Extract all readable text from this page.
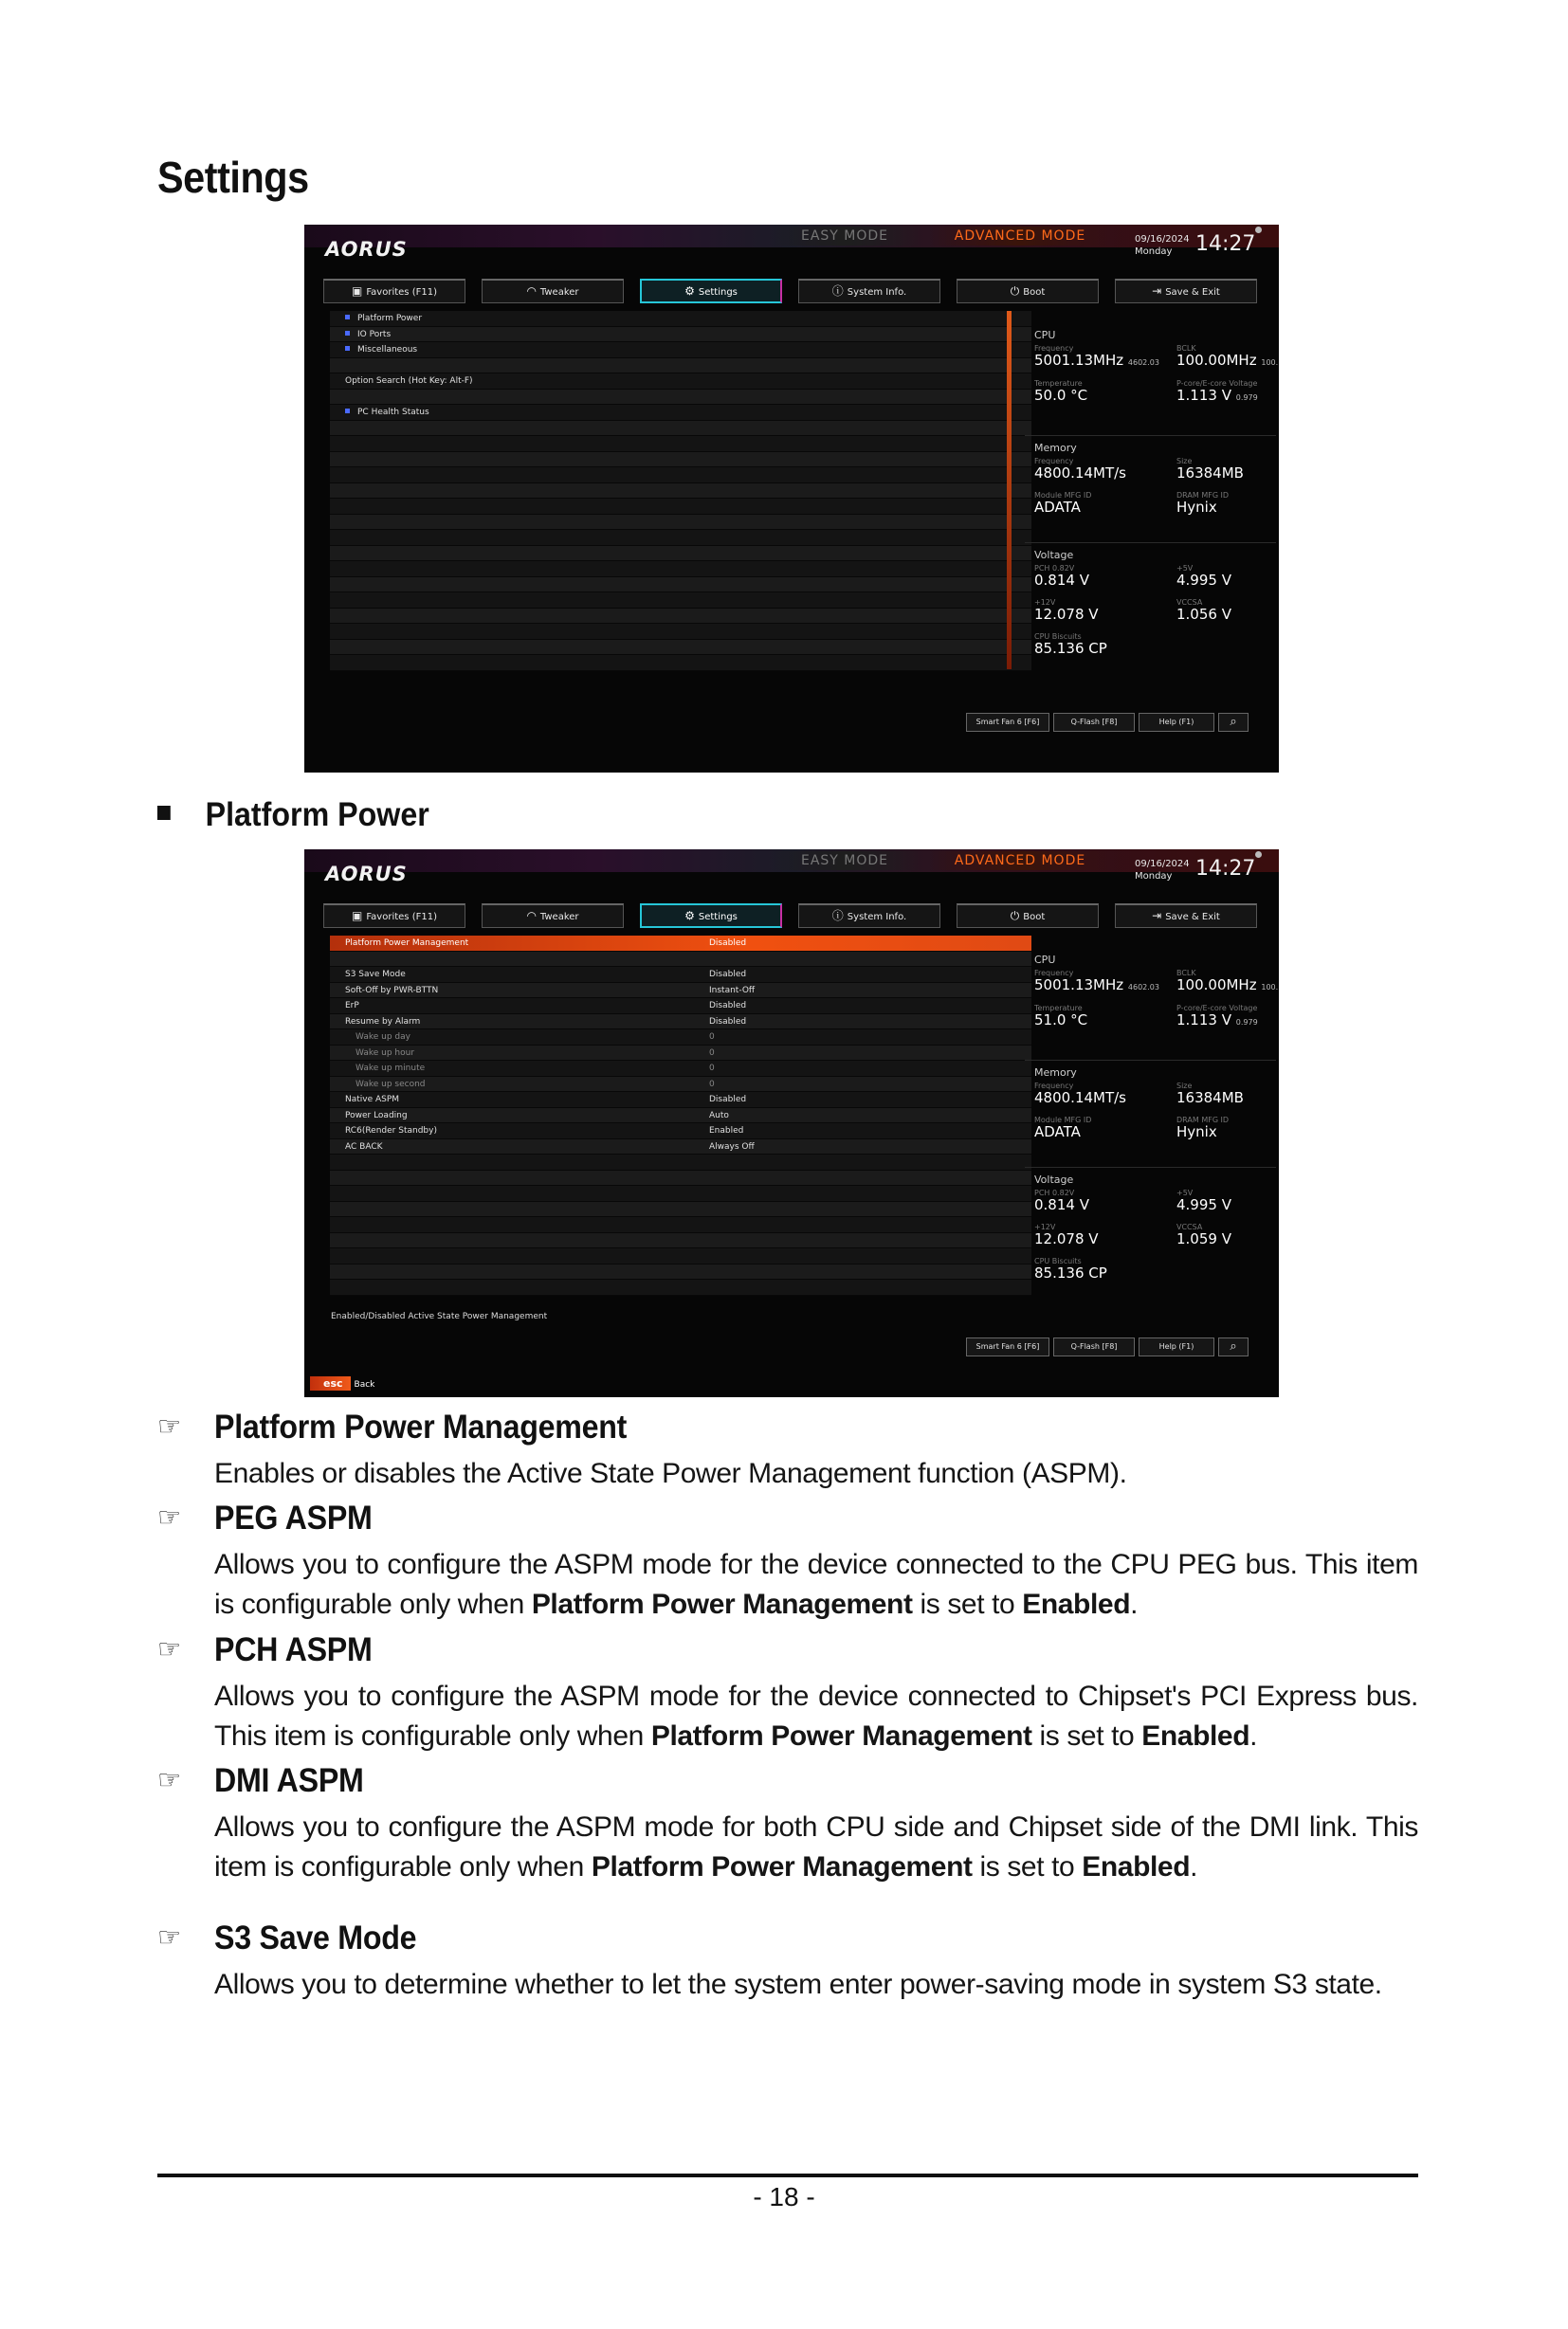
Settings
AORUS
EASY MODE	ADVANCED MODE	09/16/2024
Monday	14:27
▣ Favorites (F11)	◠ Tweaker	⚙ Settings	ⓘ System Info.	⏻ Boot	⇥ Save & Exit
Platform Power
IO Ports
Miscellaneous
Option Search (Hot Key: Alt-F)
PC Health Status
CPU
Frequency
5001.13MHz 4602.03
BCLK
100.00MHz 100.
Temperature
50.0 °C
P-core/E-core Voltage
1.113 V 0.979
Memory
Frequency
4800.14MT/s
Size
16384MB
Module MFG ID
ADATA
DRAM MFG ID
Hynix
Voltage
PCH 0.82V
0.814 V
+5V
4.995 V
+12V
12.078 V
VCCSA
1.056 V
CPU Biscuits
85.136 CP
Smart Fan 6 [F6]	Q-Flash [F8]	Help (F1)	⌕
Platform Power
AORUS
EASY MODE	ADVANCED MODE	09/16/2024
Monday	14:27
▣ Favorites (F11)	◠ Tweaker	⚙ Settings	ⓘ System Info.	⏻ Boot	⇥ Save & Exit
Platform Power Management	Disabled
S3 Save Mode	Disabled
Soft-Off by PWR-BTTN	Instant-Off
ErP	Disabled
Resume by Alarm	Disabled
Wake up day	0
Wake up hour	0
Wake up minute	0
Wake up second	0
Native ASPM	Disabled
Power Loading	Auto
RC6(Render Standby)	Enabled
AC BACK	Always Off
CPU
Frequency
5001.13MHz 4602.03
BCLK
100.00MHz 100.
Temperature
51.0 °C
P-core/E-core Voltage
1.113 V 0.979
Memory
Frequency
4800.14MT/s
Size
16384MB
Module MFG ID
ADATA
DRAM MFG ID
Hynix
Voltage
PCH 0.82V
0.814 V
+5V
4.995 V
+12V
12.078 V
VCCSA
1.059 V
CPU Biscuits
85.136 CP
Enabled/Disabled Active State Power Management
Smart Fan 6 [F6]	Q-Flash [F8]	Help (F1)	⌕
esc Back
☞ Platform Power Management
Enables or disables the Active State Power Management function (ASPM).
☞ PEG ASPM
Allows you to configure the ASPM mode for the device connected to the CPU PEG bus. This item is configurable only when Platform Power Management is set to Enabled.
☞ PCH ASPM
Allows you to configure the ASPM mode for the device connected to Chipset's PCI Express bus. This item is configurable only when Platform Power Management is set to Enabled.
☞ DMI ASPM
Allows you to configure the ASPM mode for both CPU side and Chipset side of the DMI link. This item is configurable only when Platform Power Management is set to Enabled.
☞ S3 Save Mode
Allows you to determine whether to let the system enter power-saving mode in system S3 state.
- 18 -
